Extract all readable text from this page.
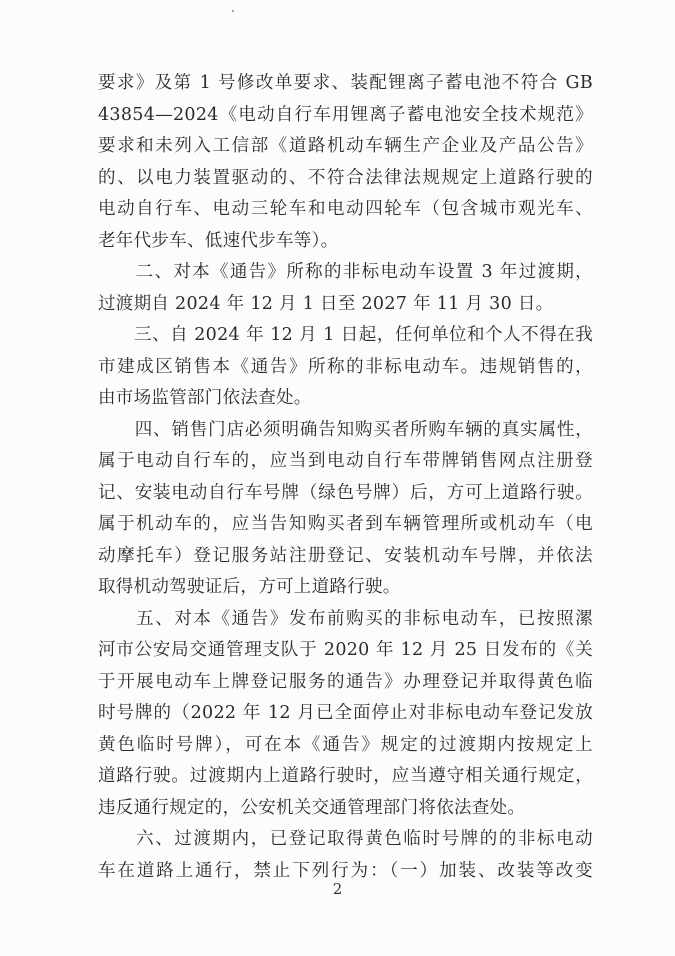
要求》及第 1 号修改单要求、装配锂离子蓄电池不符合 GB
43854—2024《电动自行车用锂离子蓄电池安全技术规范》
要求和未列入工信部《道路机动车辆生产企业及产品公告》
的、以电力装置驱动的、不符合法律法规规定上道路行驶的
电动自行车、电动三轮车和电动四轮车（包含城市观光车、
老年代步车、低速代步车等）。
　　二、对本《通告》所称的非标电动车设置 3 年过渡期，
过渡期自 2024 年 12 月 1 日至 2027 年 11 月 30 日。
　　三、自 2024 年 12 月 1 日起，任何单位和个人不得在我
市建成区销售本《通告》所称的非标电动车。违规销售的，
由市场监管部门依法查处。
　　四、销售门店必须明确告知购买者所购车辆的真实属性，
属于电动自行车的，应当到电动自行车带牌销售网点注册登
记、安装电动自行车号牌（绿色号牌）后，方可上道路行驶。
属于机动车的，应当告知购买者到车辆管理所或机动车（电
动摩托车）登记服务站注册登记、安装机动车号牌，并依法
取得机动驾驶证后，方可上道路行驶。
　　五、对本《通告》发布前购买的非标电动车，已按照漯
河市公安局交通管理支队于 2020 年 12 月 25 日发布的《关
于开展电动车上牌登记服务的通告》办理登记并取得黄色临
时号牌的（2022 年 12 月已全面停止对非标电动车登记发放
黄色临时号牌），可在本《通告》规定的过渡期内按规定上
道路行驶。过渡期内上道路行驶时，应当遵守相关通行规定，
违反通行规定的，公安机关交通管理部门将依法查处。
　　六、过渡期内，已登记取得黄色临时号牌的的非标电动
车在道路上通行，禁止下列行为：（一）加装、改装等改变
2
